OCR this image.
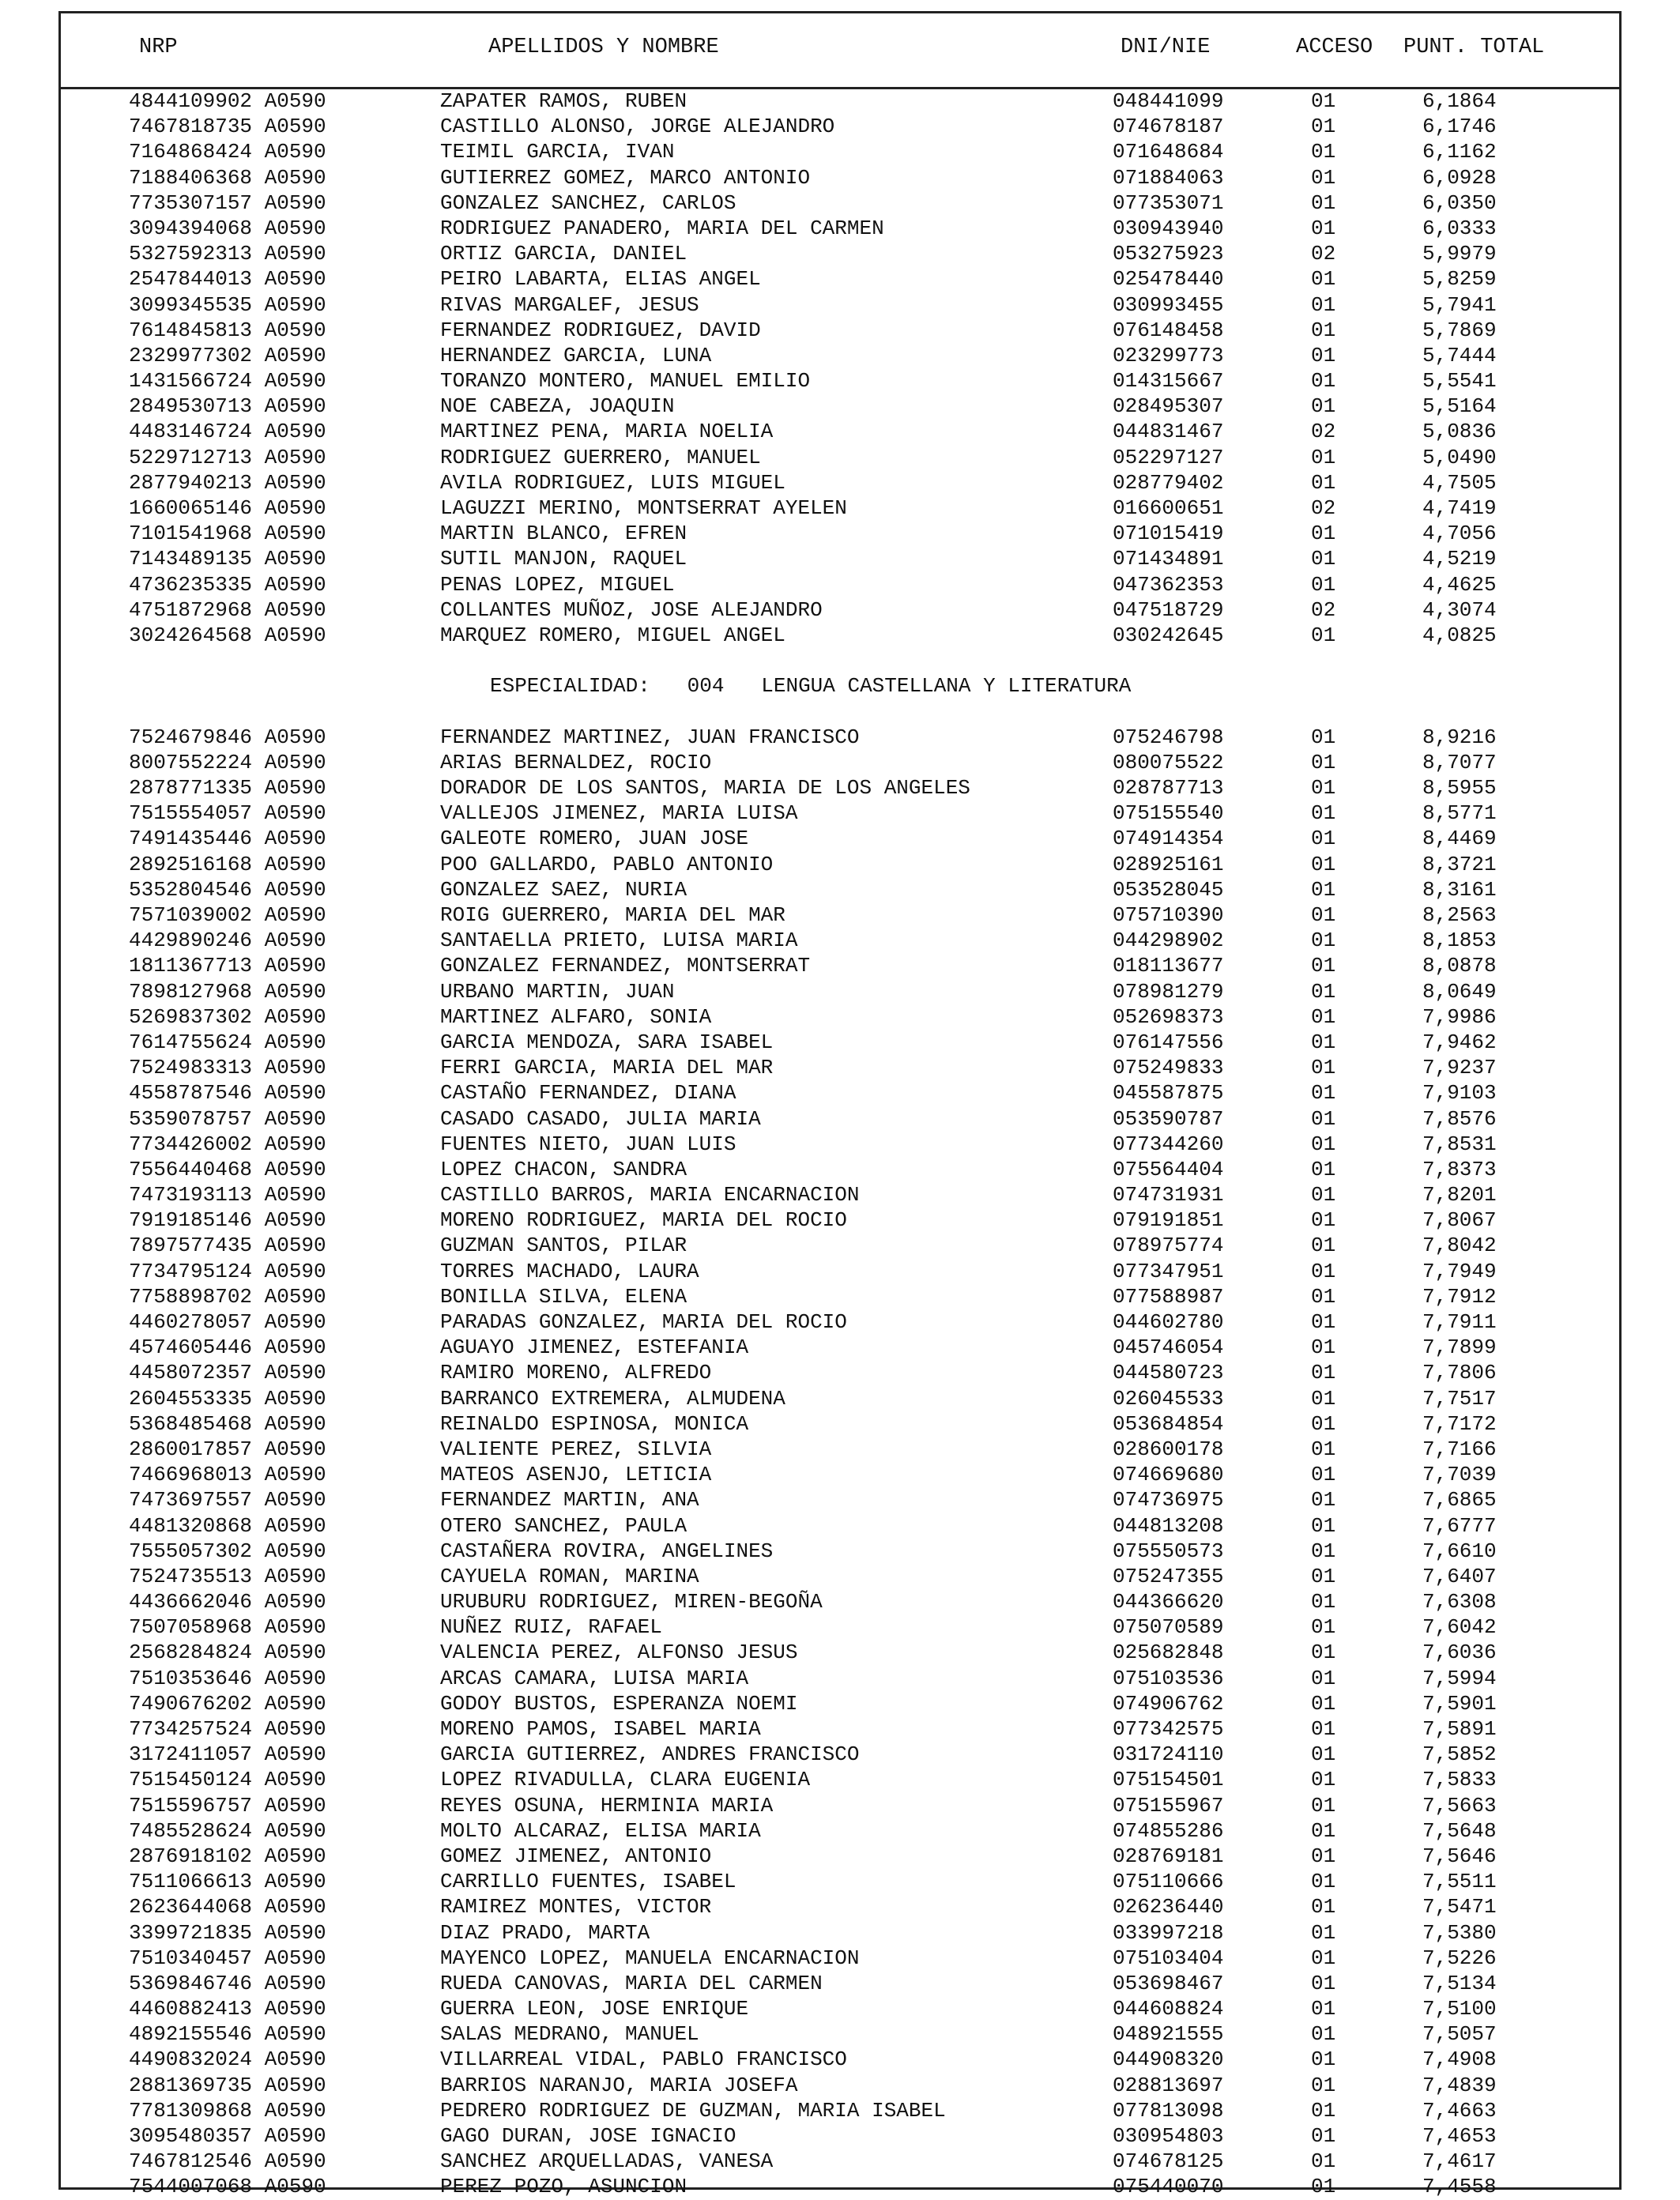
NRP	APELLIDOS Y NOMBRE	DNI/NIE	ACCESO PUNT. TOTAL
4844109902 A0590	ZAPATER RAMOS, RUBEN	048441099	01	6,1864
7467818735 A0590	CASTILLO ALONSO, JORGE ALEJANDRO	074678187	01	6,1746
7164868424 A0590	TEIMIL GARCIA, IVAN	071648684	01	6,1162
7188406368 A0590	GUTIERREZ GOMEZ, MARCO ANTONIO	071884063	01	6,0928
7735307157 A0590	GONZALEZ SANCHEZ, CARLOS	077353071	01	6,0350
3094394068 A0590	RODRIGUEZ PANADERO, MARIA DEL CARMEN	030943940	01	6,0333
5327592313 A0590	ORTIZ GARCIA, DANIEL	053275923	02	5,9979
2547844013 A0590	PEIRO LABARTA, ELIAS ANGEL	025478440	01	5,8259
3099345535 A0590	RIVAS MARGALEF, JESUS	030993455	01	5,7941
7614845813 A0590	FERNANDEZ RODRIGUEZ, DAVID	076148458	01	5,7869
2329977302 A0590	HERNANDEZ GARCIA, LUNA	023299773	01	5,7444
1431566724 A0590	TORANZO MONTERO, MANUEL EMILIO	014315667	01	5,5541
2849530713 A0590	NOE CABEZA, JOAQUIN	028495307	01	5,5164
4483146724 A0590	MARTINEZ PENA, MARIA NOELIA	044831467	02	5,0836
5229712713 A0590	RODRIGUEZ GUERRERO, MANUEL	052297127	01	5,0490
2877940213 A0590	AVILA RODRIGUEZ, LUIS MIGUEL	028779402	01	4,7505
1660065146 A0590	LAGUZZI MERINO, MONTSERRAT AYELEN	016600651	02	4,7419
7101541968 A0590	MARTIN BLANCO, EFREN	071015419	01	4,7056
7143489135 A0590	SUTIL MANJON, RAQUEL	071434891	01	4,5219
4736235335 A0590	PENAS LOPEZ, MIGUEL	047362353	01	4,4625
4751872968 A0590	COLLANTES MUÑOZ, JOSE ALEJANDRO	047518729	02	4,3074
3024264568 A0590	MARQUEZ ROMERO, MIGUEL ANGEL	030242645	01	4,0825
ESPECIALIDAD:   004   LENGUA CASTELLANA Y LITERATURA
7524679846 A0590	FERNANDEZ MARTINEZ, JUAN FRANCISCO	075246798	01	8,9216
8007552224 A0590	ARIAS BERNALDEZ, ROCIO	080075522	01	8,7077
2878771335 A0590	DORADOR DE LOS SANTOS, MARIA DE LOS ANGELES	028787713	01	8,5955
7515554057 A0590	VALLEJOS JIMENEZ, MARIA LUISA	075155540	01	8,5771
7491435446 A0590	GALEOTE ROMERO, JUAN JOSE	074914354	01	8,4469
2892516168 A0590	POO GALLARDO, PABLO ANTONIO	028925161	01	8,3721
5352804546 A0590	GONZALEZ SAEZ, NURIA	053528045	01	8,3161
7571039002 A0590	ROIG GUERRERO, MARIA DEL MAR	075710390	01	8,2563
4429890246 A0590	SANTAELLA PRIETO, LUISA MARIA	044298902	01	8,1853
1811367713 A0590	GONZALEZ FERNANDEZ, MONTSERRAT	018113677	01	8,0878
7898127968 A0590	URBANO MARTIN, JUAN	078981279	01	8,0649
5269837302 A0590	MARTINEZ ALFARO, SONIA	052698373	01	7,9986
7614755624 A0590	GARCIA MENDOZA, SARA ISABEL	076147556	01	7,9462
7524983313 A0590	FERRI GARCIA, MARIA DEL MAR	075249833	01	7,9237
4558787546 A0590	CASTAÑO FERNANDEZ, DIANA	045587875	01	7,9103
5359078757 A0590	CASADO CASADO, JULIA MARIA	053590787	01	7,8576
7734426002 A0590	FUENTES NIETO, JUAN LUIS	077344260	01	7,8531
7556440468 A0590	LOPEZ CHACON, SANDRA	075564404	01	7,8373
7473193113 A0590	CASTILLO BARROS, MARIA ENCARNACION	074731931	01	7,8201
7919185146 A0590	MORENO RODRIGUEZ, MARIA DEL ROCIO	079191851	01	7,8067
7897577435 A0590	GUZMAN SANTOS, PILAR	078975774	01	7,8042
7734795124 A0590	TORRES MACHADO, LAURA	077347951	01	7,7949
7758898702 A0590	BONILLA SILVA, ELENA	077588987	01	7,7912
4460278057 A0590	PARADAS GONZALEZ, MARIA DEL ROCIO	044602780	01	7,7911
4574605446 A0590	AGUAYO JIMENEZ, ESTEFANIA	045746054	01	7,7899
4458072357 A0590	RAMIRO MORENO, ALFREDO	044580723	01	7,7806
2604553335 A0590	BARRANCO EXTREMERA, ALMUDENA	026045533	01	7,7517
5368485468 A0590	REINALDO ESPINOSA, MONICA	053684854	01	7,7172
2860017857 A0590	VALIENTE PEREZ, SILVIA	028600178	01	7,7166
7466968013 A0590	MATEOS ASENJO, LETICIA	074669680	01	7,7039
7473697557 A0590	FERNANDEZ MARTIN, ANA	074736975	01	7,6865
4481320868 A0590	OTERO SANCHEZ, PAULA	044813208	01	7,6777
7555057302 A0590	CASTAÑERA ROVIRA, ANGELINES	075550573	01	7,6610
7524735513 A0590	CAYUELA ROMAN, MARINA	075247355	01	7,6407
4436662046 A0590	URUBURU RODRIGUEZ, MIREN-BEGOÑA	044366620	01	7,6308
7507058968 A0590	NUÑEZ RUIZ, RAFAEL	075070589	01	7,6042
2568284824 A0590	VALENCIA PEREZ, ALFONSO JESUS	025682848	01	7,6036
7510353646 A0590	ARCAS CAMARA, LUISA MARIA	075103536	01	7,5994
7490676202 A0590	GODOY BUSTOS, ESPERANZA NOEMI	074906762	01	7,5901
7734257524 A0590	MORENO PAMOS, ISABEL MARIA	077342575	01	7,5891
3172411057 A0590	GARCIA GUTIERREZ, ANDRES FRANCISCO	031724110	01	7,5852
7515450124 A0590	LOPEZ RIVADULLA, CLARA EUGENIA	075154501	01	7,5833
7515596757 A0590	REYES OSUNA, HERMINIA MARIA	075155967	01	7,5663
7485528624 A0590	MOLTO ALCARAZ, ELISA MARIA	074855286	01	7,5648
2876918102 A0590	GOMEZ JIMENEZ, ANTONIO	028769181	01	7,5646
7511066613 A0590	CARRILLO FUENTES, ISABEL	075110666	01	7,5511
2623644068 A0590	RAMIREZ MONTES, VICTOR	026236440	01	7,5471
3399721835 A0590	DIAZ PRADO, MARTA	033997218	01	7,5380
7510340457 A0590	MAYENCO LOPEZ, MANUELA ENCARNACION	075103404	01	7,5226
5369846746 A0590	RUEDA CANOVAS, MARIA DEL CARMEN	053698467	01	7,5134
4460882413 A0590	GUERRA LEON, JOSE ENRIQUE	044608824	01	7,5100
4892155546 A0590	SALAS MEDRANO, MANUEL	048921555	01	7,5057
4490832024 A0590	VILLARREAL VIDAL, PABLO FRANCISCO	044908320	01	7,4908
2881369735 A0590	BARRIOS NARANJO, MARIA JOSEFA	028813697	01	7,4839
7781309868 A0590	PEDRERO RODRIGUEZ DE GUZMAN, MARIA ISABEL	077813098	01	7,4663
3095480357 A0590	GAGO DURAN, JOSE IGNACIO	030954803	01	7,4653
7467812546 A0590	SANCHEZ ARQUELLADAS, VANESA	074678125	01	7,4617
7544007068 A0590	PEREZ POZO, ASUNCION	075440070	01	7,4558
